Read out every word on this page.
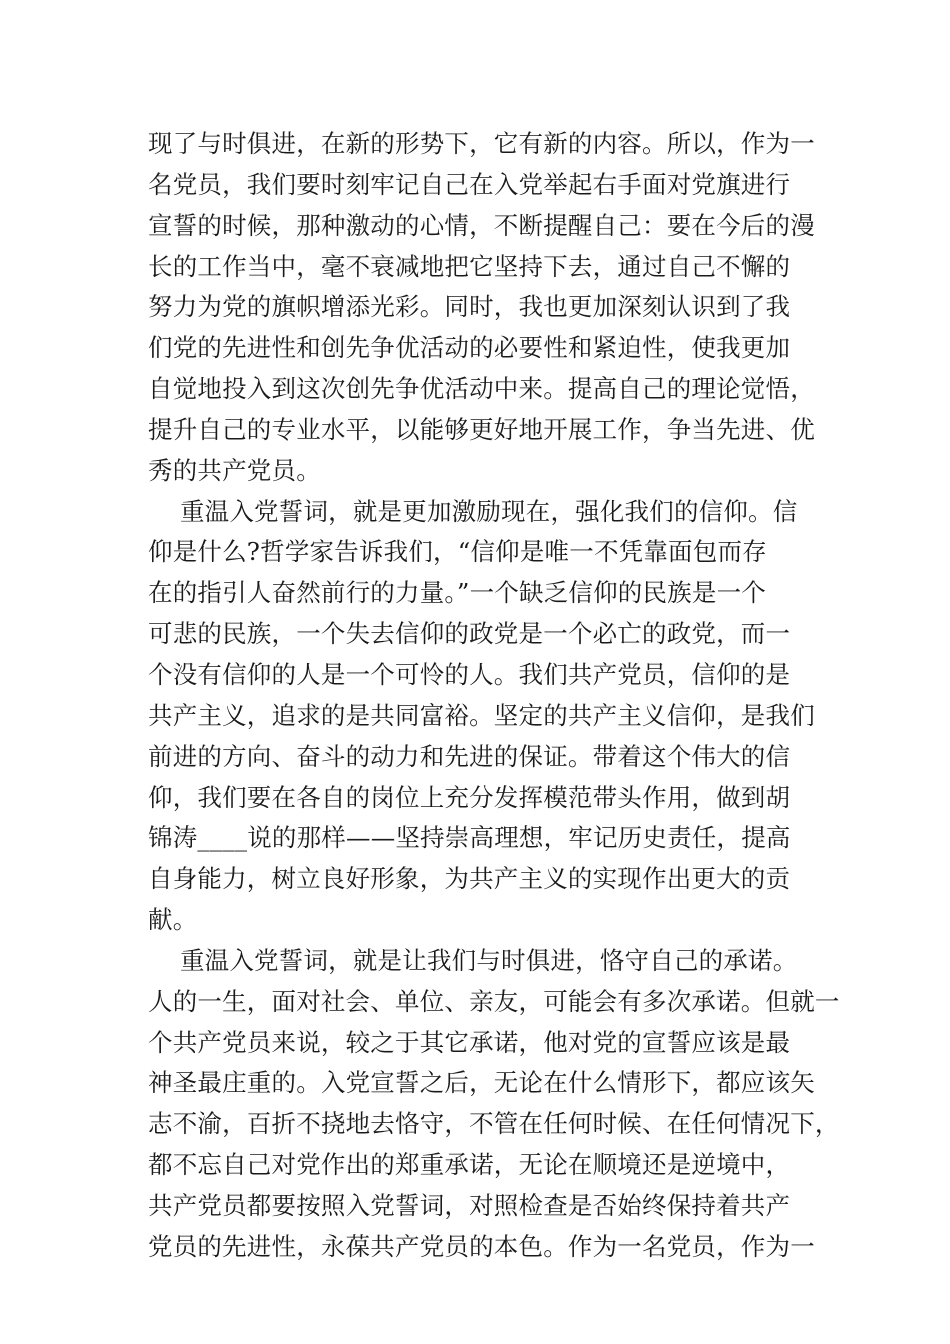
现了与时俱进，在新的形势下，它有新的内容。所以，作为一
名党员，我们要时刻牢记自己在入党举起右手面对党旗进行
宣誓的时候，那种激动的心情，不断提醒自己：要在今后的漫
长的工作当中，毫不衰减地把它坚持下去，通过自己不懈的
努力为党的旗帜增添光彩。同时，我也更加深刻认识到了我
们党的先进性和创先争优活动的必要性和紧迫性，使我更加
自觉地投入到这次创先争优活动中来。提高自己的理论觉悟，
提升自己的专业水平，以能够更好地开展工作，争当先进、优
秀的共产党员。
重温入党誓词，就是更加激励现在，强化我们的信仰。信
仰是什么?哲学家告诉我们，“信仰是唯一不凭靠面包而存
在的指引人奋然前行的力量。”一个缺乏信仰的民族是一个
可悲的民族，一个失去信仰的政党是一个必亡的政党，而一
个没有信仰的人是一个可怜的人。我们共产党员，信仰的是
共产主义，追求的是共同富裕。坚定的共产主义信仰，是我们
前进的方向、奋斗的动力和先进的保证。带着这个伟大的信
仰，我们要在各自的岗位上充分发挥模范带头作用，做到胡
锦涛____说的那样——坚持崇高理想，牢记历史责任，提高
自身能力，树立良好形象，为共产主义的实现作出更大的贡
献。
重温入党誓词，就是让我们与时俱进，恪守自己的承诺。
人的一生，面对社会、单位、亲友，可能会有多次承诺。但就一
个共产党员来说，较之于其它承诺，他对党的宣誓应该是最
神圣最庄重的。入党宣誓之后，无论在什么情形下，都应该矢
志不渝，百折不挠地去恪守，不管在任何时候、在任何情况下，
都不忘自己对党作出的郑重承诺，无论在顺境还是逆境中，
共产党员都要按照入党誓词，对照检查是否始终保持着共产
党员的先进性，永葆共产党员的本色。作为一名党员，作为一
